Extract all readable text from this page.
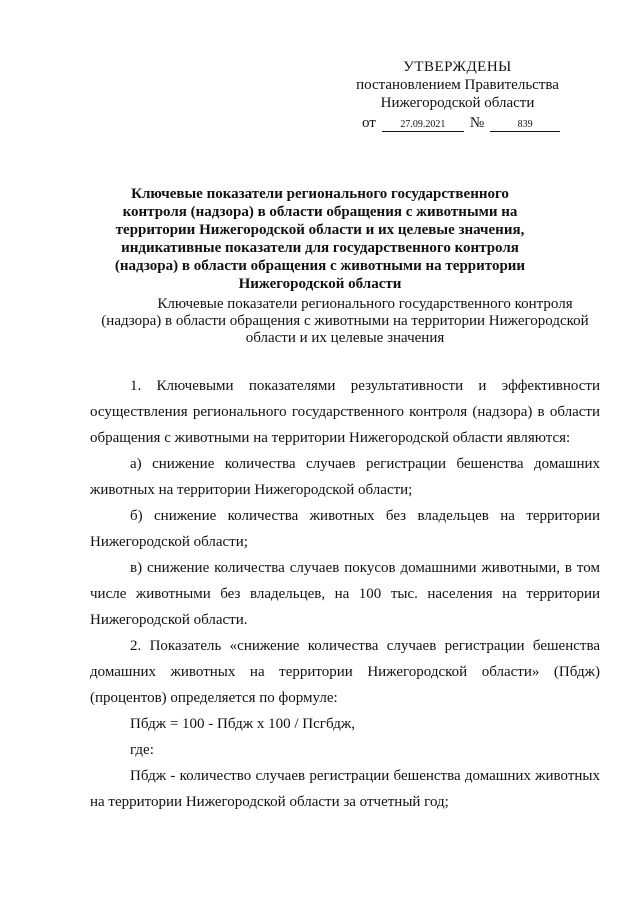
УТВЕРЖДЕНЫ
постановлением Правительства
Нижегородской области
от 27.09.2021 №	839
Ключевые показатели регионального государственного контроля (надзора) в области обращения с животными на территории Нижегородской области и их целевые значения, индикативные показатели для государственного контроля (надзора) в области обращения с животными на территории Нижегородской области
Ключевые показатели регионального государственного контроля (надзора) в области обращения с животными на территории Нижегородской области и их целевые значения

1. Ключевыми показателями результативности и эффективности осуществления регионального государственного контроля (надзора) в области обращения с животными на территории Нижегородской области являются:

а) снижение количества случаев регистрации бешенства домашних животных на территории Нижегородской области;

б) снижение количества животных без владельцев на территории Нижегородской области;

в) снижение количества случаев покусов домашними животными, в том числе животными без владельцев, на 100 тыс. населения на территории Нижегородской области.

2. Показатель «снижение количества случаев регистрации бешенства домашних животных на территории Нижегородской области» (Пбдж) (процентов) определяется по формуле:

Пбдж = 100 - Пбдж х 100 / Псгбдж,

где:

Пбдж - количество случаев регистрации бешенства домашних животных на территории Нижегородской области за отчетный год;
